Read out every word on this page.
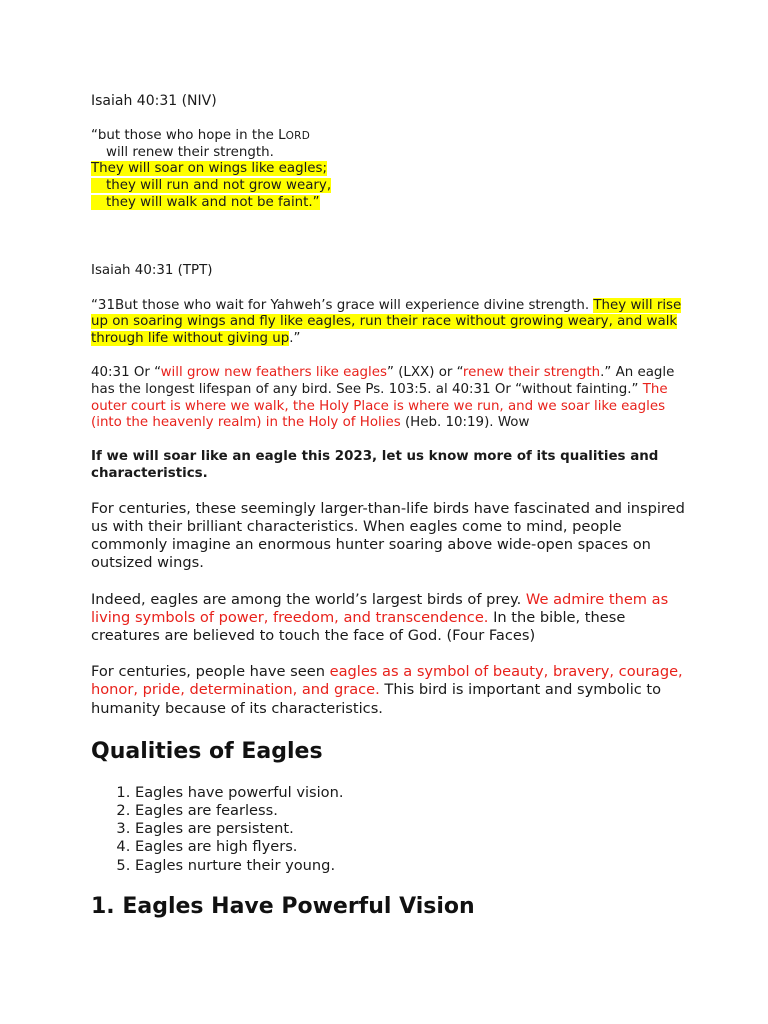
Isaiah 40:31 (NIV)

“but those who hope in the LORD

will renew their strength.

They will soar on wings like eagles;

they will run and not grow weary,

they will walk and not be faint.”

Isaiah 40:31 (TPT)

“31But those who wait for Yahweh’s grace will experience divine strength. They will rise up on soaring wings and fly like eagles, run their race without growing weary, and walk through life without giving up.”

40:31 Or “will grow new feathers like eagles” (LXX) or “renew their strength.” An eagle has the longest lifespan of any bird. See Ps. 103:5. al 40:31 Or “without fainting.” The outer court is where we walk, the Holy Place is where we run, and we soar like eagles (into the heavenly realm) in the Holy of Holies (Heb. 10:19). Wow

If we will soar like an eagle this 2023, let us know more of its qualities and characteristics.

For centuries, these seemingly larger-than-life birds have fascinated and inspired us with their brilliant characteristics. When eagles come to mind, people commonly imagine an enormous hunter soaring above wide-open spaces on outsized wings.

Indeed, eagles are among the world’s largest birds of prey. We admire them as living symbols of power, freedom, and transcendence. In the bible, these creatures are believed to touch the face of God. (Four Faces)

For centuries, people have seen eagles as a symbol of beauty, bravery, courage, honor, pride, determination, and grace. This bird is important and symbolic to humanity because of its characteristics.

Qualities of Eagles
1. Eagles have powerful vision.
2. Eagles are fearless.
3. Eagles are persistent.
4. Eagles are high flyers.
5. Eagles nurture their young.
1. Eagles Have Powerful Vision
